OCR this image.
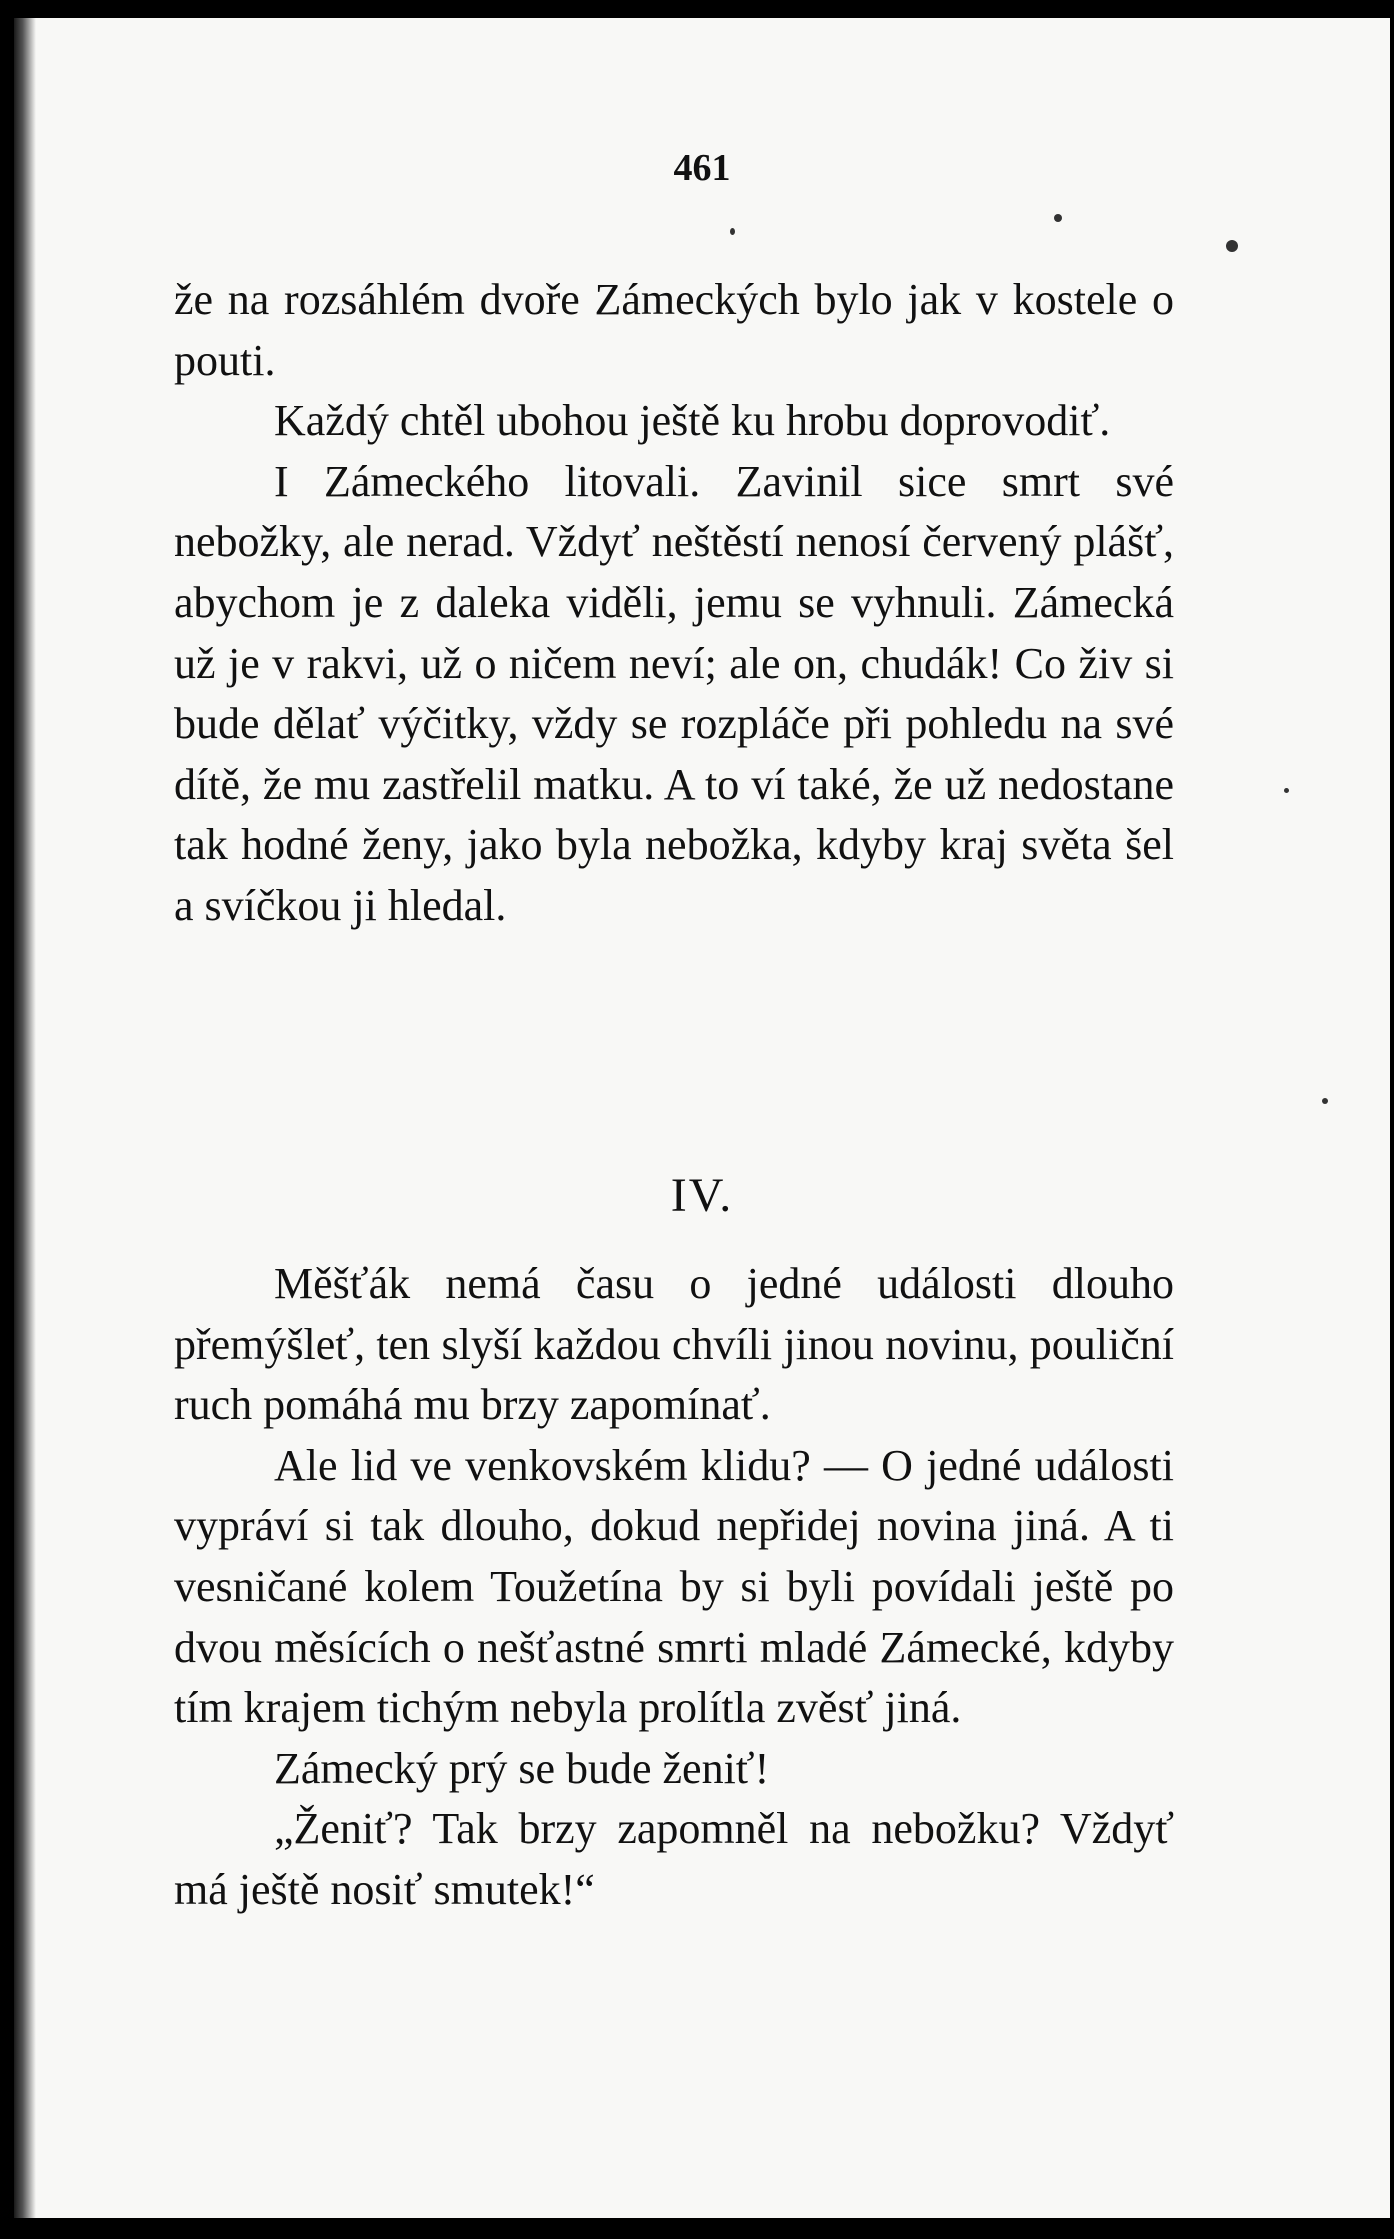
461

že na rozsáhlém dvoře Zámeckých bylo jak v kostele o pouti.

Každý chtěl ubohou ještě ku hrobu doprovodiť.

I Zámeckého litovali. Zavinil sice smrt své nebožky, ale nerad. Vždyť neštěstí nenosí červený plášť, abychom je z daleka viděli, jemu se vyhnuli. Zámecká už je v rakvi, už o ničem neví; ale on, chudák! Co živ si bude dělať výčitky, vždy se rozpláče při pohledu na své dítě, že mu zastřelil matku. A to ví také, že už nedostane tak hodné ženy, jako byla nebožka, kdyby kraj světa šel a svíčkou ji hledal.

IV.

Měšťák nemá času o jedné události dlouho přemýšleť, ten slyší každou chvíli jinou novinu, pouliční ruch pomáhá mu brzy zapomínať.

Ale lid ve venkovském klidu? — O jedné události vypráví si tak dlouho, dokud nepřidej novina jiná. A ti vesničané kolem Toužetína by si byli povídali ještě po dvou měsících o nešťastné smrti mladé Zámecké, kdyby tím krajem tichým nebyla prolítla zvěsť jiná.

Zámecký prý se bude ženiť!

„Ženiť? Tak brzy zapomněl na nebožku? Vždyť má ještě nosiť smutek!“
